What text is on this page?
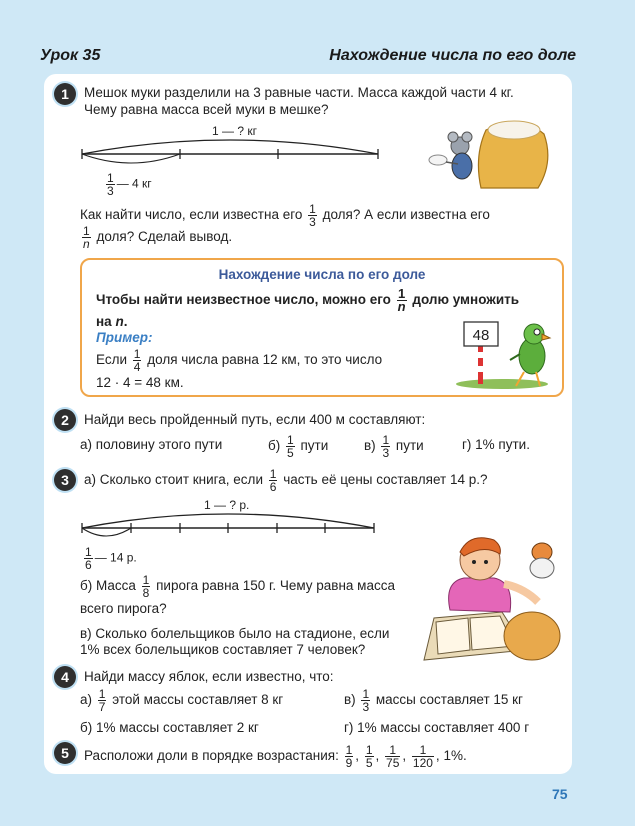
Урок 35	Нахождение числа по его доле
1	Мешок муки разделили на 3 равные части. Масса каждой части 4 кг.
Чему равна масса всей муки в мешке?
1 — ? кг
$\frac{1}{3}$ — 4 кг
Как найти число, если известна его $\frac{1}{3}$ доля? А если известна его
$\frac{1}{n}$ доля? Сделай вывод.
Нахождение числа по его доле
Чтобы найти неизвестное число, можно его $\frac{1}{n}$ долю умножить
на n.
Пример:
Если $\frac{1}{4}$ доля числа равна 12 км, то это число
12 · 4 = 48 км.
48
2	Найди весь пройденный путь, если 400 м составляют:
а) половину этого пути	$б) \frac{1}{5}$ пути	$в) \frac{1}{3}$ пути	г) 1% пути.
3	а) Сколько стоит книга, если $\frac{1}{6}$ часть её цены составляет 14 р.?
1 — ? р.
$\frac{1}{6}$ — 14 р.
б) Масса $\frac{1}{8}$ пирога равна 150 г. Чему равна масса
всего пирога?
в) Сколько болельщиков было на стадионе, если
1% всех болельщиков составляет 7 человек?
4	Найди массу яблок, если известно, что:
$а) \frac{1}{7}$ этой массы составляет 8 кг	$в) \frac{1}{3}$ массы составляет 15 кг
б) 1% массы составляет 2 кг	г) 1% массы составляет 400 г
5	Расположи доли в порядке возрастания: $\frac{1}{9}$ , $\frac{1}{5}$ , $\frac{1}{75}$ , $\frac{1}{120}$ , 1%.
75
